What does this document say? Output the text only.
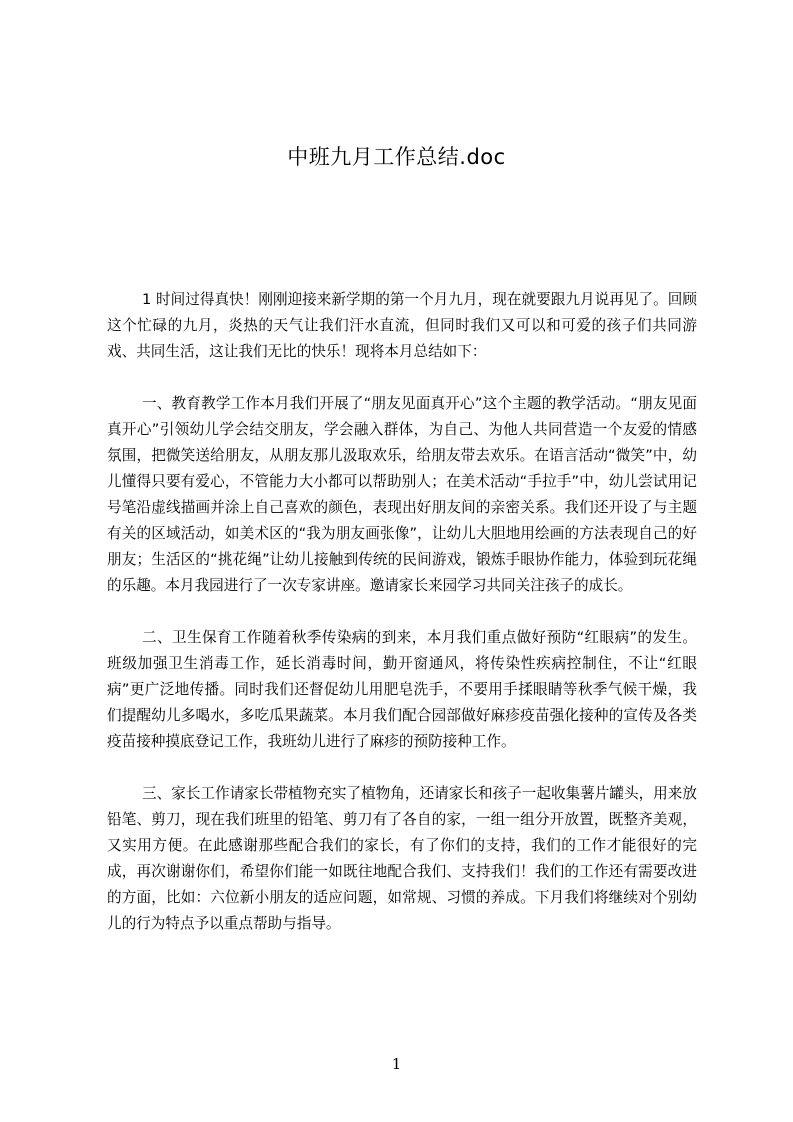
中班九月工作总结.doc

1 时间过得真快！刚刚迎接来新学期的第一个月九月，现在就要跟九月说再见了。回顾这个忙碌的九月，炎热的天气让我们汗水直流，但同时我们又可以和可爱的孩子们共同游戏、共同生活，这让我们无比的快乐！现将本月总结如下：

一、教育教学工作本月我们开展了“朋友见面真开心”这个主题的教学活动。“朋友见面真开心”引领幼儿学会结交朋友，学会融入群体，为自己、为他人共同营造一个友爱的情感氛围，把微笑送给朋友，从朋友那儿汲取欢乐，给朋友带去欢乐。在语言活动“微笑”中，幼儿懂得只要有爱心，不管能力大小都可以帮助别人；在美术活动“手拉手”中，幼儿尝试用记号笔沿虚线描画并涂上自己喜欢的颜色，表现出好朋友间的亲密关系。我们还开设了与主题有关的区域活动，如美术区的“我为朋友画张像”，让幼儿大胆地用绘画的方法表现自己的好朋友；生活区的“挑花绳”让幼儿接触到传统的民间游戏，锻炼手眼协作能力，体验到玩花绳的乐趣。本月我园进行了一次专家讲座。邀请家长来园学习共同关注孩子的成长。

二、卫生保育工作随着秋季传染病的到来，本月我们重点做好预防“红眼病”的发生。班级加强卫生消毒工作，延长消毒时间，勤开窗通风，将传染性疾病控制住，不让“红眼病”更广泛地传播。同时我们还督促幼儿用肥皂洗手，不要用手揉眼睛等秋季气候干燥，我们提醒幼儿多喝水，多吃瓜果蔬菜。本月我们配合园部做好麻疹疫苗强化接种的宣传及各类疫苗接种摸底登记工作，我班幼儿进行了麻疹的预防接种工作。

三、家长工作请家长带植物充实了植物角，还请家长和孩子一起收集薯片罐头，用来放铅笔、剪刀，现在我们班里的铅笔、剪刀有了各自的家，一组一组分开放置，既整齐美观，又实用方便。在此感谢那些配合我们的家长，有了你们的支持，我们的工作才能很好的完成，再次谢谢你们，希望你们能一如既往地配合我们、支持我们！我们的工作还有需要改进的方面，比如：六位新小朋友的适应问题，如常规、习惯的养成。下月我们将继续对个别幼儿的行为特点予以重点帮助与指导。

1
